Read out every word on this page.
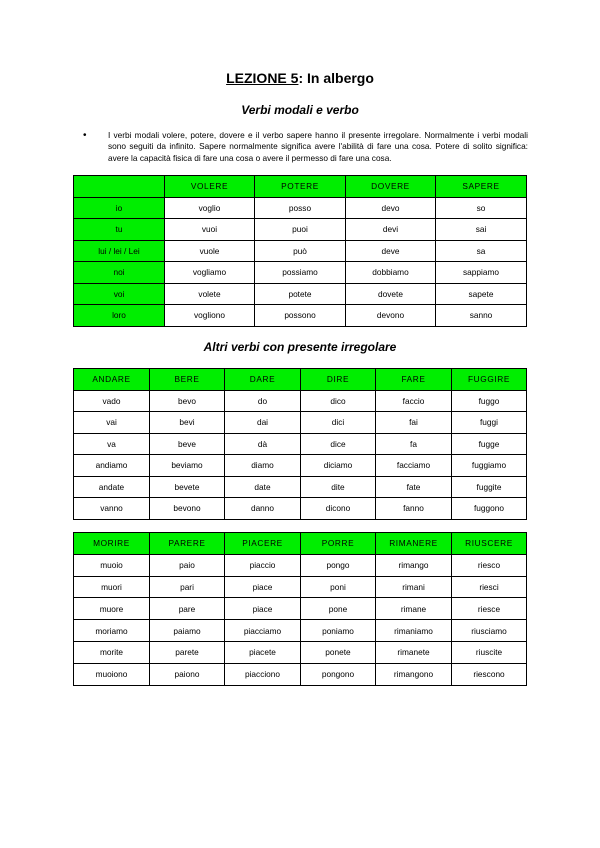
LEZIONE 5: In albergo
Verbi modali e verbo
•	I verbi modali volere, potere, dovere e il verbo sapere hanno il presente irregolare. Normalmente i verbi modali sono seguiti da infinito. Sapere normalmente significa avere l'abilità di fare una cosa. Potere di solito significa: avere la capacità fisica di fare una cosa o avere il permesso di fare una cosa.
	VOLERE	POTERE	DOVERE	SAPERE
io	voglio	posso	devo	so
tu	vuoi	puoi	devi	sai
lui / lei / Lei	vuole	può	deve	sa
noi	vogliamo	possiamo	dobbiamo	sappiamo
voi	volete	potete	dovete	sapete
loro	vogliono	possono	devono	sanno
Altri verbi con presente irregolare
ANDARE	BERE	DARE	DIRE	FARE	FUGGIRE
vado	bevo	do	dico	faccio	fuggo
vai	bevi	dai	dici	fai	fuggi
va	beve	dà	dice	fa	fugge
andiamo	beviamo	diamo	diciamo	facciamo	fuggiamo
andate	bevete	date	dite	fate	fuggite
vanno	bevono	danno	dicono	fanno	fuggono
MORIRE	PARERE	PIACERE	PORRE	RIMANERE	RIUSCERE
muoio	paio	piaccio	pongo	rimango	riesco
muori	pari	piace	poni	rimani	riesci
muore	pare	piace	pone	rimane	riesce
moriamo	paiamo	piacciamo	poniamo	rimaniamo	riusciamo
morite	parete	piacete	ponete	rimanete	riuscite
muoiono	paiono	piacciono	pongono	rimangono	riescono
